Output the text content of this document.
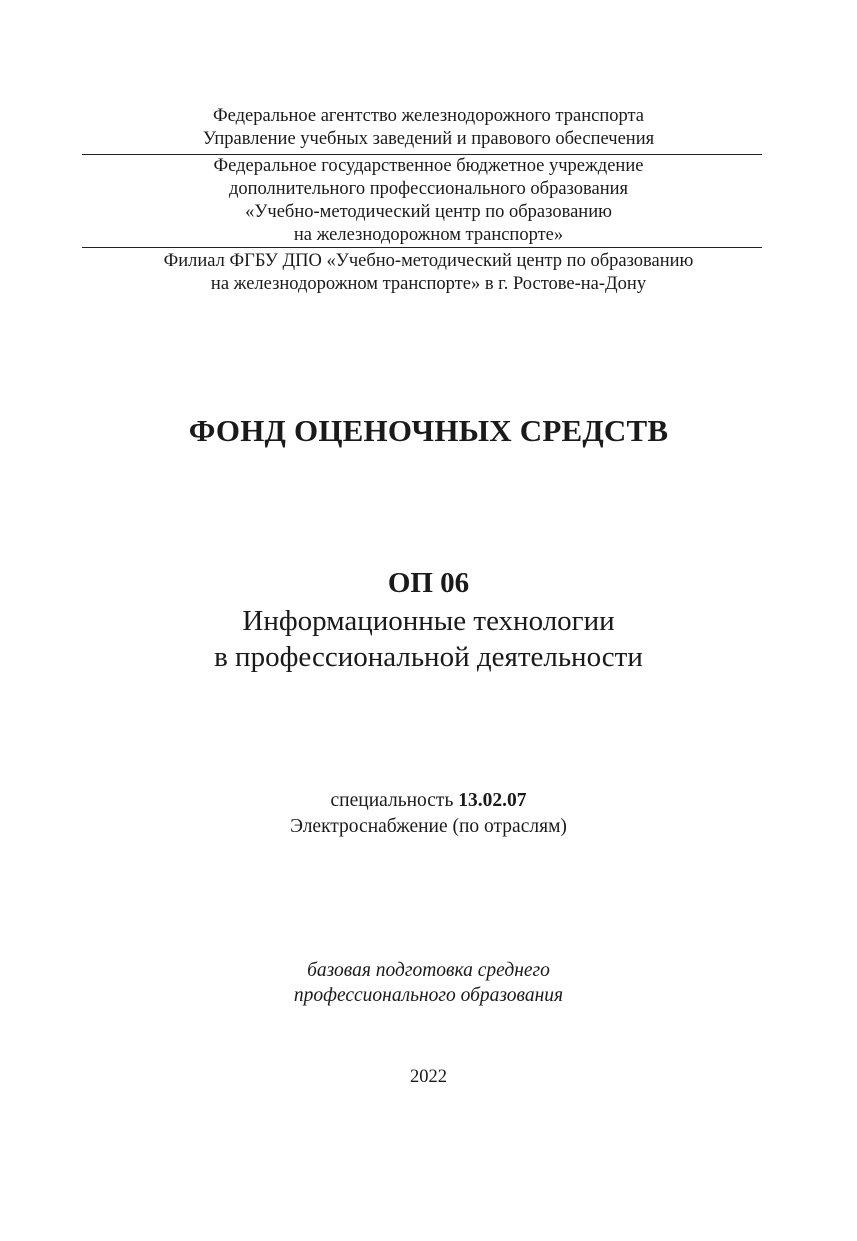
Федеральное агентство железнодорожного транспорта
Управление учебных заведений и правового обеспечения
Федеральное государственное бюджетное учреждение
дополнительного профессионального образования
«Учебно-методический центр по образованию
на железнодорожном транспорте»
Филиал ФГБУ ДПО «Учебно-методический центр по образованию
на железнодорожном транспорте» в г. Ростове-на-Дону
ФОНД ОЦЕНОЧНЫХ СРЕДСТВ
ОП 06
Информационные технологии
в профессиональной деятельности
специальность 13.02.07
Электроснабжение (по отраслям)
базовая подготовка среднего
профессионального образования
2022
